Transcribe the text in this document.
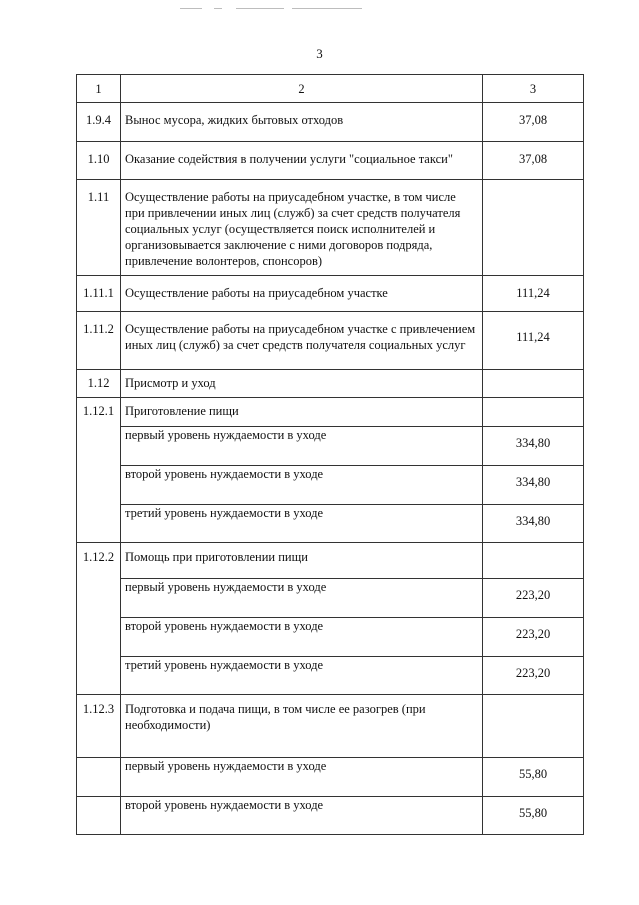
3
1	2	3
1.9.4	Вынос мусора, жидких бытовых отходов	37,08
1.10	Оказание содействия в получении услуги "социальное такси"	37,08
1.11	Осуществление работы на приусадебном участке, в том числе при привлечении иных лиц (служб) за счет средств получателя социальных услуг (осуществляется поиск исполнителей и организовывается заключение с ними договоров подряда, привлечение волонтеров, спонсоров)	
1.11.1	Осуществление работы на приусадебном участке	111,24
1.11.2	Осуществление работы на приусадебном участке с привлечением иных лиц (служб) за счет средств получателя социальных услуг	111,24
1.12	Присмотр и уход	
1.12.1	Приготовление пищи	
	первый уровень нуждаемости в уходе	334,80
	второй уровень нуждаемости в уходе	334,80
	третий уровень нуждаемости в уходе	334,80
1.12.2	Помощь при приготовлении пищи	
	первый уровень нуждаемости в уходе	223,20
	второй уровень нуждаемости в уходе	223,20
	третий уровень нуждаемости в уходе	223,20
1.12.3	Подготовка и подача пищи, в том числе ее разогрев (при необходимости)	
	первый уровень нуждаемости в уходе	55,80
	второй уровень нуждаемости в уходе	55,80
